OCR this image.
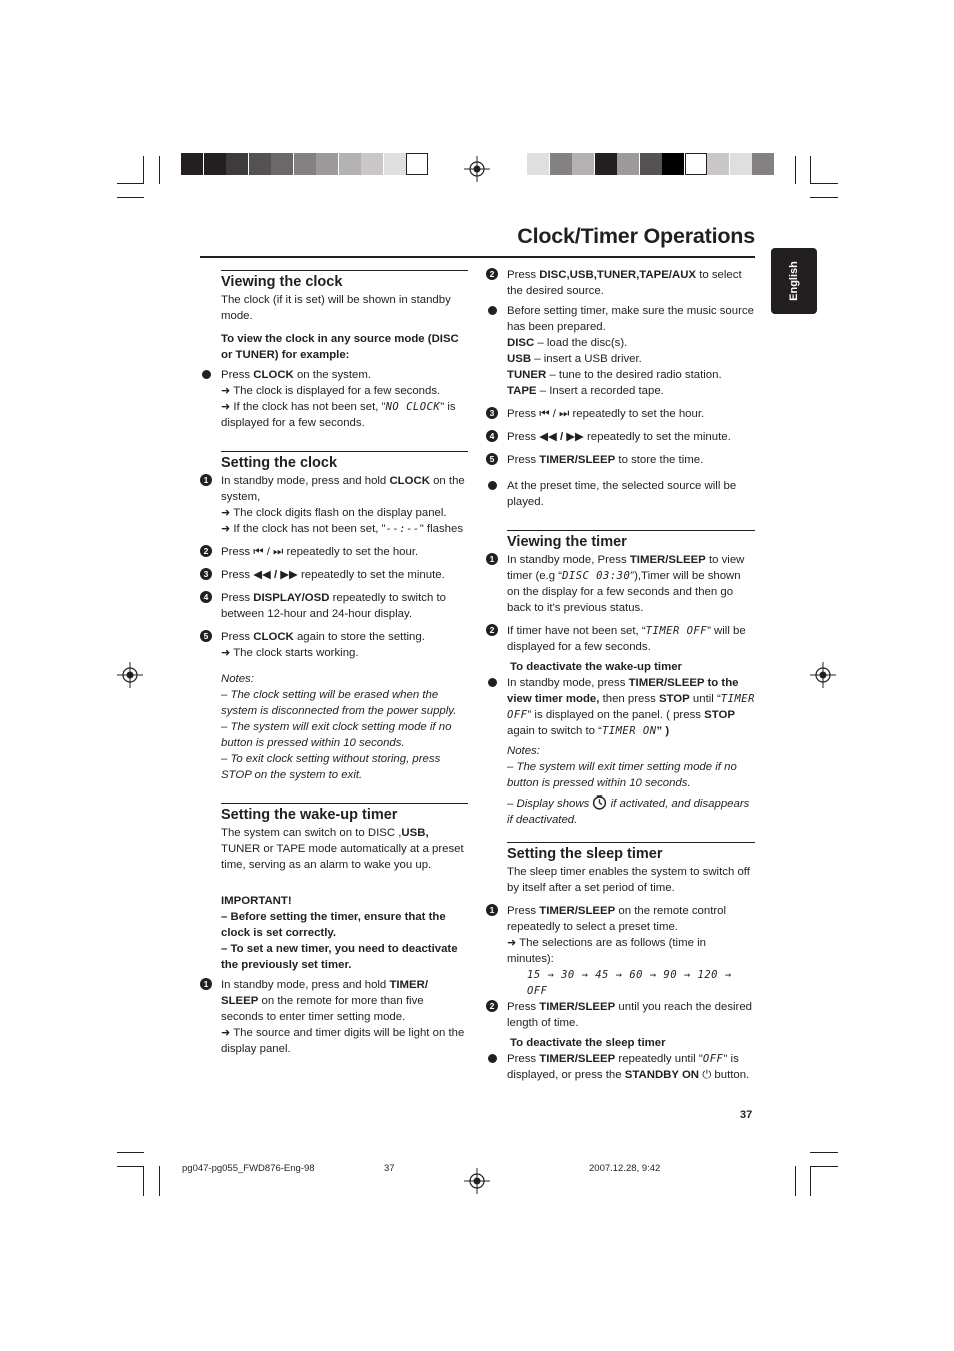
Clock/Timer Operations
English

Viewing the clock

The clock (if it is set) will be shown in standby mode.

To view the clock in any source mode (DISC or TUNER) for example:

Press CLOCK on the system.

➜ The clock is displayed for a few seconds.

➜ If the clock has not been set, "NO CLOCK" is displayed for a few seconds.

Setting the clock

1	In standby mode, press and hold CLOCK on the system,

➜ The clock digits flash on the display panel.

➜ If the clock has not been set, "--:--" flashes

2	Press ⏮ / ⏭ repeatedly to set the hour.

3	Press ◀◀ / ▶▶ repeatedly to set the minute.

4	Press DISPLAY/OSD repeatedly to switch to between 12-hour and 24-hour display.

5	Press CLOCK again to store the setting.

➜ The clock starts working.

Notes:

– The clock setting will be erased when the system is disconnected from the power supply.

– The system will exit clock setting mode if no button is pressed within 10 seconds.

– To exit clock setting without storing, press STOP on the system to exit.

Setting the wake-up timer

The system can switch on to DISC ,USB, TUNER or TAPE mode automatically at a preset time, serving as an alarm to wake you up.

IMPORTANT!

– Before setting the timer, ensure that the clock is set correctly.

– To set a new timer, you need to deactivate the previously set timer.

1	In standby mode, press and hold TIMER/ SLEEP on the remote for more than five seconds to enter timer setting mode.

➜ The source and timer digits will be light on the display panel.

2	Press DISC,USB,TUNER,TAPE/AUX to select the desired source.

Before setting timer, make sure the music source has been prepared.

DISC – load the disc(s).

USB – insert a USB driver.

TUNER – tune to the desired radio station.

TAPE – Insert a recorded tape.

3	Press ⏮ / ⏭ repeatedly to set the hour.

4	Press ◀◀ / ▶▶ repeatedly to set the minute.

5	Press TIMER/SLEEP to store the time.

At the preset time, the selected source will be played.

Viewing the timer

1	In standby mode, Press TIMER/SLEEP to view timer (e.g “DISC 03:30”),Timer will be shown on the display for a few seconds and then go back to it's previous status.

2	If timer have not been set, “TIMER OFF” will be displayed for a few seconds.

To deactivate the wake-up timer

In standby mode, press TIMER/SLEEP to the view timer mode, then press STOP until “TIMER OFF” is displayed on the panel. ( press STOP again to switch to “TIMER ON” )

Notes:

– The system will exit timer setting mode if no button is pressed within 10 seconds.

– Display shows  if activated, and disappears if deactivated.

Setting the sleep timer

The sleep timer enables the system to switch off by itself after a set period of time.

1	Press TIMER/SLEEP on the remote control repeatedly to select a preset time.

➜ The selections are as follows (time in minutes):

15 → 30 → 45 → 60 → 90 → 120 → OFF

2	Press TIMER/SLEEP until you reach the desired length of time.

To deactivate the sleep timer

Press TIMER/SLEEP repeatedly until "OFF" is displayed, or press the STANDBY ON ⏻ button.

37
pg047-pg055_FWD876-Eng-98	37	2007.12.28, 9:42
